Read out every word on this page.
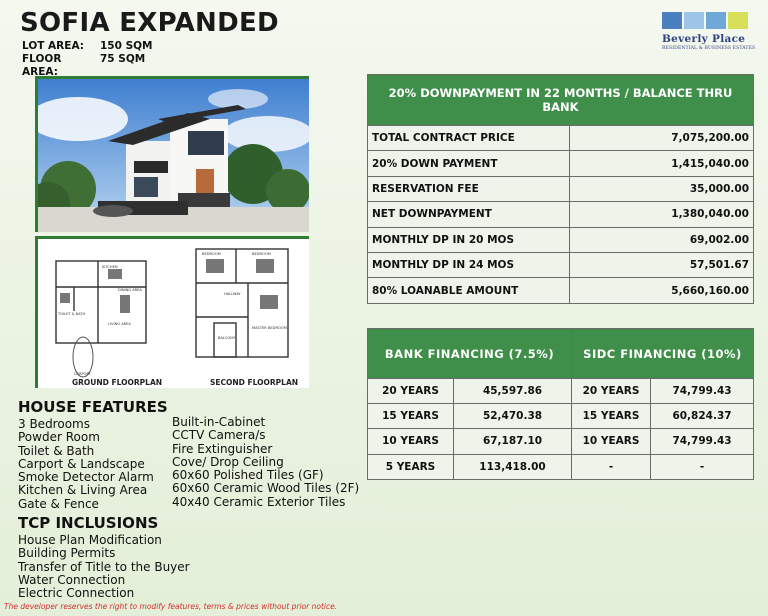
SOFIA EXPANDED
LOT AREA:	150 SQM
FLOOR AREA:
75 SQM
Beverly Place
RESIDENTIAL & BUSINESS ESTATES
KITCHEN
DINING AREA
TOILET & BATH
LIVING AREA
CARPORT
BEDROOM	BEDROOM
BALCONY
MASTER BEDROOM
HALLWAY
GROUND FLOORPLAN	SECOND FLOORPLAN
HOUSE FEATURES
3 Bedrooms
Powder Room
Toilet & Bath
Carport & Landscape
Smoke Detector Alarm
Kitchen & Living Area
Gate & Fence
Built-in-Cabinet
CCTV Camera/s
Fire Extinguisher
Cove/ Drop Ceiling
60x60 Polished Tiles (GF)
60x60 Ceramic Wood Tiles (2F)
40x40 Ceramic Exterior Tiles
TCP INCLUSIONS
House Plan Modification
Building Permits
Transfer of Title to the Buyer
Water Connection
Electric Connection
20% DOWNPAYMENT IN 22 MONTHS / BALANCE THRU BANK	
TOTAL CONTRACT PRICE	7,075,200.00
20% DOWN PAYMENT	1,415,040.00
RESERVATION FEE	35,000.00
NET DOWNPAYMENT	1,380,040.00
MONTHLY DP IN 20 MOS	69,002.00
MONTHLY DP IN 24 MOS	57,501.67
80% LOANABLE AMOUNT	5,660,160.00
BANK FINANCING (7.5%)		SIDC FINANCING (10%)	
20 YEARS	45,597.86	20 YEARS	74,799.43
15 YEARS	52,470.38	15 YEARS	60,824.37
10 YEARS	67,187.10	10 YEARS	74,799.43
5 YEARS	113,418.00	-	-
The developer reserves the right to modify features, terms & prices without prior notice.
